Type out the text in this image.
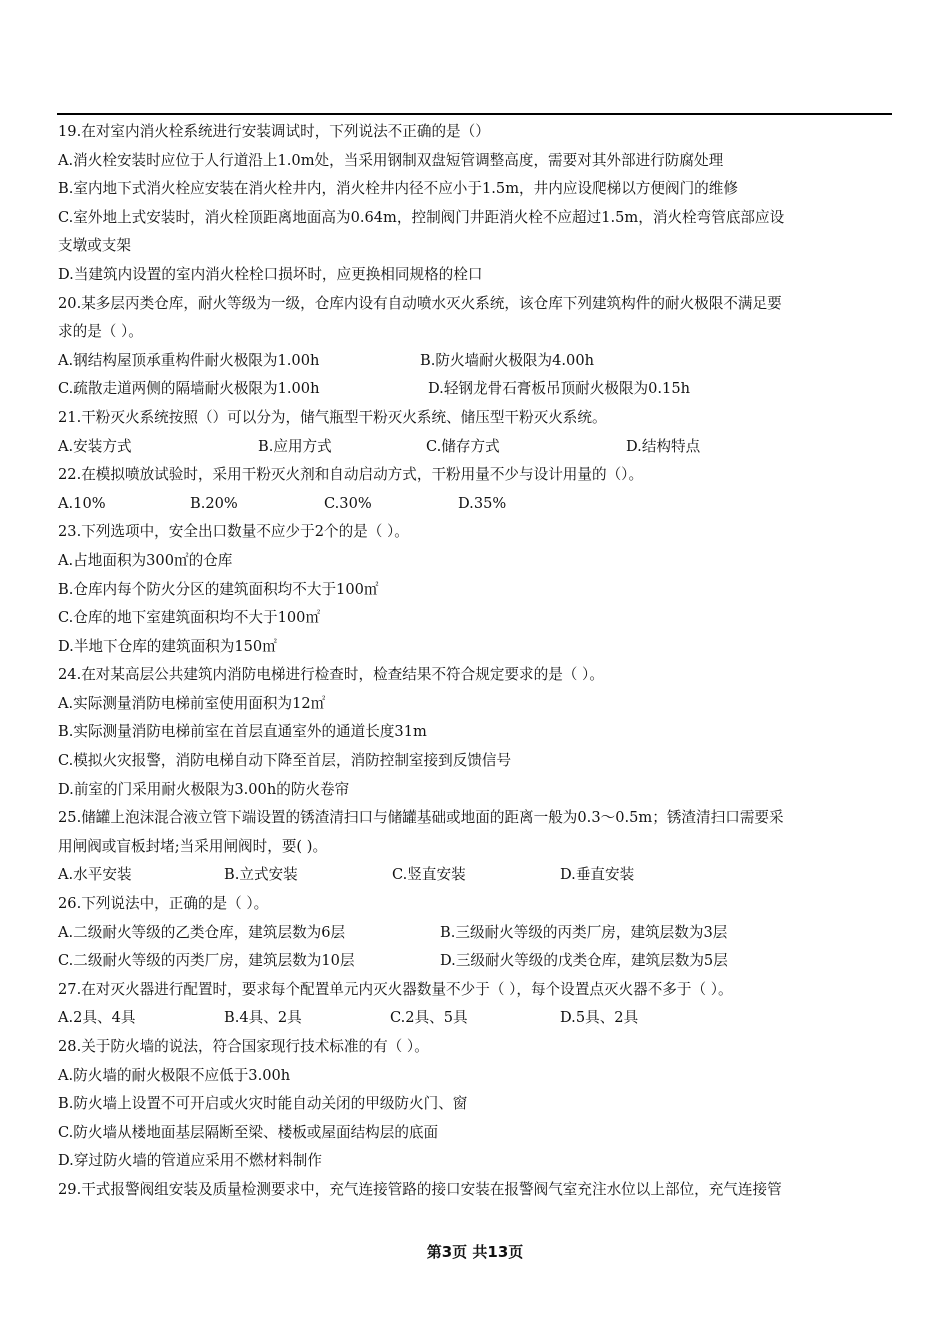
19.在对室内消火栓系统进行安装调试时，下列说法不正确的是（）
A.消火栓安装时应位于人行道沿上1.0m处，当采用钢制双盘短管调整高度，需要对其外部进行防腐处理
B.室内地下式消火栓应安装在消火栓井内，消火栓井内径不应小于1.5m，井内应设爬梯以方便阀门的维修
C.室外地上式安装时，消火栓顶距离地面高为0.64m，控制阀门井距消火栓不应超过1.5m，消火栓弯管底部应设
支墩或支架
D.当建筑内设置的室内消火栓栓口损坏时，应更换相同规格的栓口
20.某多层丙类仓库，耐火等级为一级，仓库内设有自动喷水灭火系统，该仓库下列建筑构件的耐火极限不满足要
求的是（ ）。
A.钢结构屋顶承重构件耐火极限为1.00h	B.防火墙耐火极限为4.00h
C.疏散走道两侧的隔墙耐火极限为1.00h	D.轻钢龙骨石膏板吊顶耐火极限为0.15h
21.干粉灭火系统按照（）可以分为，储气瓶型干粉灭火系统、储压型干粉灭火系统。
A.安装方式	B.应用方式	C.储存方式	D.结构特点
22.在模拟喷放试验时，采用干粉灭火剂和自动启动方式，干粉用量不少与设计用量的（）。
A.10%	B.20%	C.30%	D.35%
23.下列选项中，安全出口数量不应少于2个的是（ ）。
A.占地面积为300㎡的仓库
B.仓库内每个防火分区的建筑面积均不大于100㎡
C.仓库的地下室建筑面积均不大于100㎡
D.半地下仓库的建筑面积为150㎡
24.在对某高层公共建筑内消防电梯进行检查时，检查结果不符合规定要求的是（ ）。
A.实际测量消防电梯前室使用面积为12㎡
B.实际测量消防电梯前室在首层直通室外的通道长度31m
C.模拟火灾报警，消防电梯自动下降至首层，消防控制室接到反馈信号
D.前室的门采用耐火极限为3.00h的防火卷帘
25.储罐上泡沫混合液立管下端设置的锈渣清扫口与储罐基础或地面的距离一般为0.3～0.5m；锈渣清扫口需要采
用闸阀或盲板封堵;当采用闸阀时，要( )。
A.水平安装	B.立式安装	C.竖直安装	D.垂直安装
26.下列说法中，正确的是（ ）。
A.二级耐火等级的乙类仓库，建筑层数为6层	B.三级耐火等级的丙类厂房，建筑层数为3层
C.二级耐火等级的丙类厂房，建筑层数为10层	D.三级耐火等级的戊类仓库，建筑层数为5层
27.在对灭火器进行配置时，要求每个配置单元内灭火器数量不少于（ ），每个设置点灭火器不多于（ ）。
A.2具、4具	B.4具、2具	C.2具、5具	D.5具、2具
28.关于防火墙的说法，符合国家现行技术标准的有（ ）。
A.防火墙的耐火极限不应低于3.00h
B.防火墙上设置不可开启或火灾时能自动关闭的甲级防火门、窗
C.防火墙从楼地面基层隔断至梁、楼板或屋面结构层的底面
D.穿过防火墙的管道应采用不燃材料制作
29.干式报警阀组安装及质量检测要求中，充气连接管路的接口安装在报警阀气室充注水位以上部位，充气连接管
第3页 共13页
